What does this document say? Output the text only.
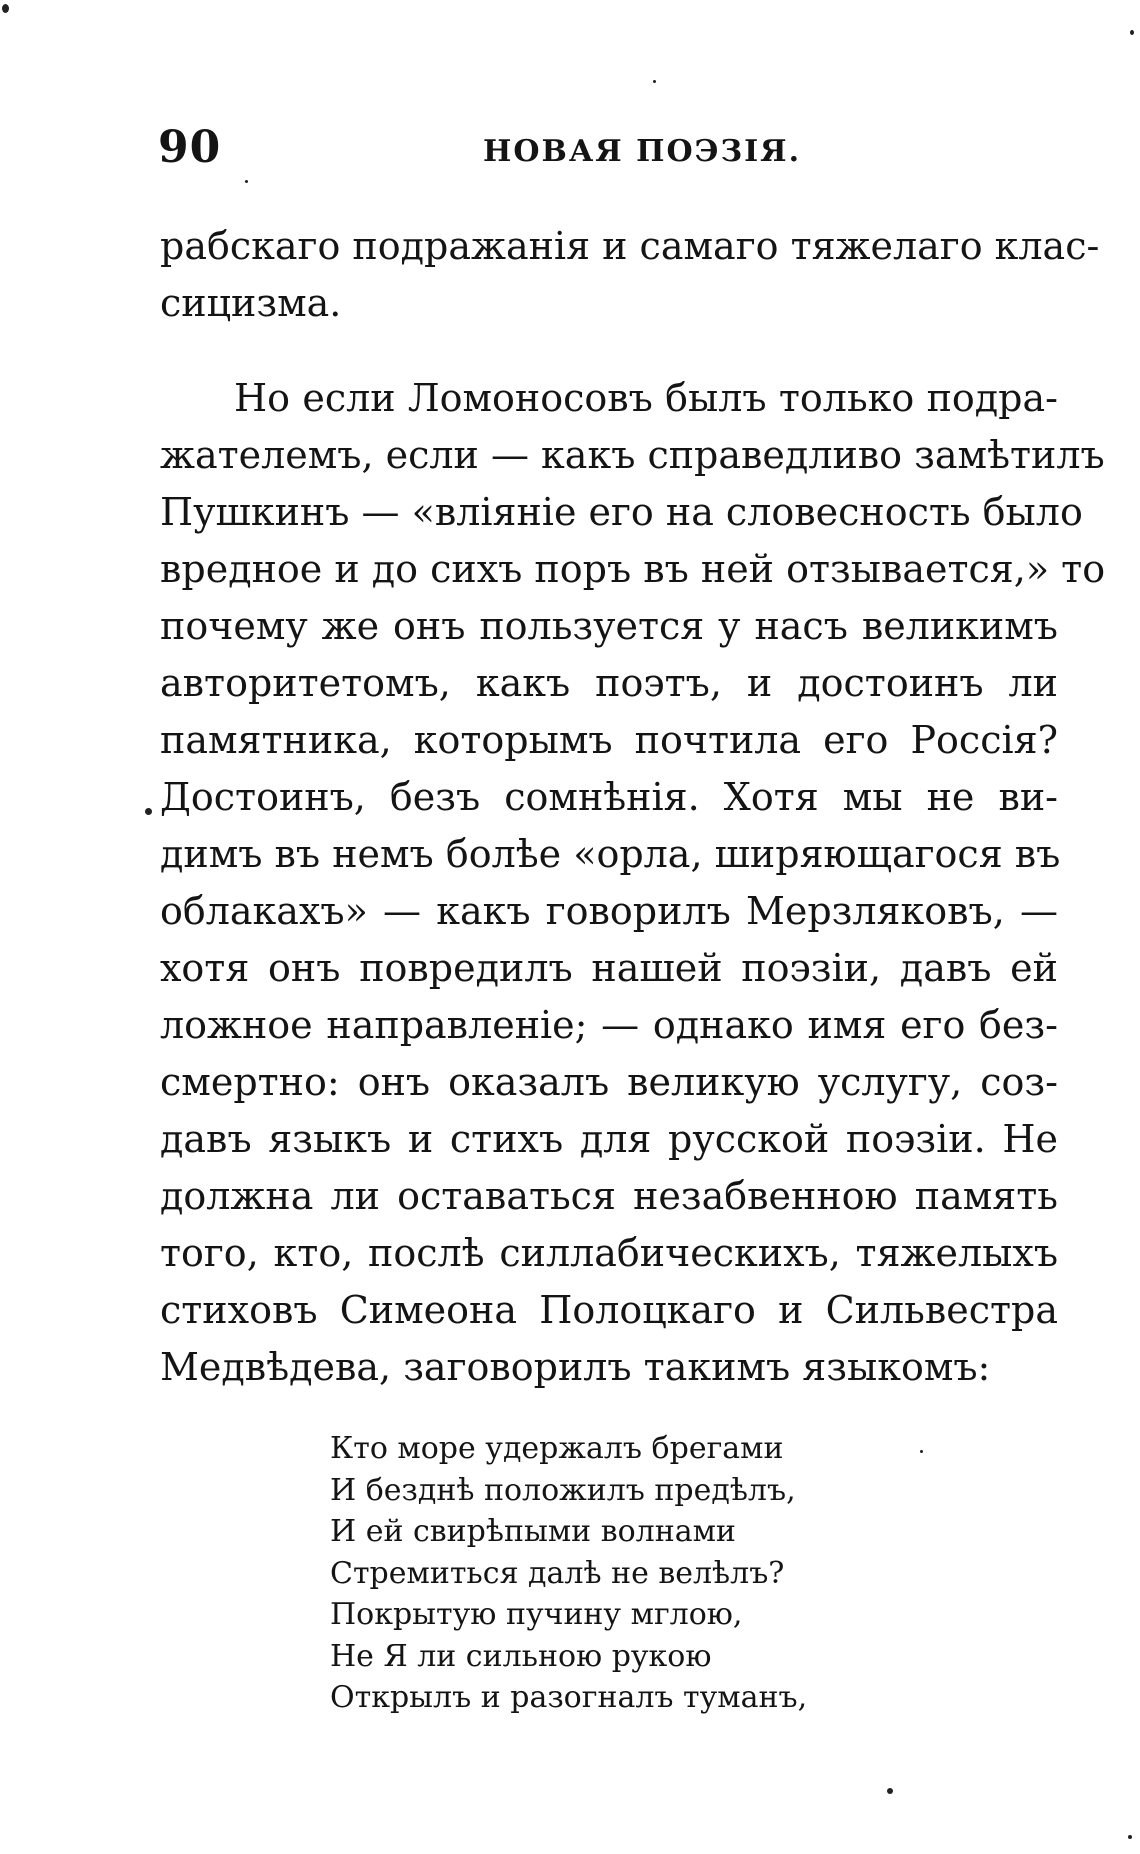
90	НОВАЯ ПОЭЗІЯ.
рабскаго подражанія и самаго тяжелаго клас-
сицизма.
Но если Ломоносовъ былъ только подра-
жателемъ, если — какъ справедливо замѣтилъ
Пушкинъ — «вліяніе его на словесность было
вредное и до сихъ поръ въ ней отзывается,» то
почему же онъ пользуется у насъ великимъ
авторитетомъ, какъ поэтъ, и достоинъ ли
памятника, которымъ почтила его Россія?
Достоинъ, безъ сомнѣнія. Хотя мы не ви-
димъ въ немъ болѣе «орла, ширяющагося въ
облакахъ» — какъ говорилъ Мерзляковъ, —
хотя онъ повредилъ нашей поэзіи, давъ ей
ложное направленіе; — однако имя его без-
смертно: онъ оказалъ великую услугу, соз-
давъ языкъ и стихъ для русской поэзіи. Не
должна ли оставаться незабвенною память
того, кто, послѣ силлабическихъ, тяжелыхъ
стиховъ Симеона Полоцкаго и Сильвестра
Медвѣдева, заговорилъ такимъ языкомъ:
Кто море удержалъ брегами
И безднѣ положилъ предѣлъ,
И ей свирѣпыми волнами
Стремиться далѣ не велѣлъ?
Покрытую пучину мглою,
Не Я ли сильною рукою
Открылъ и разогналъ туманъ,
